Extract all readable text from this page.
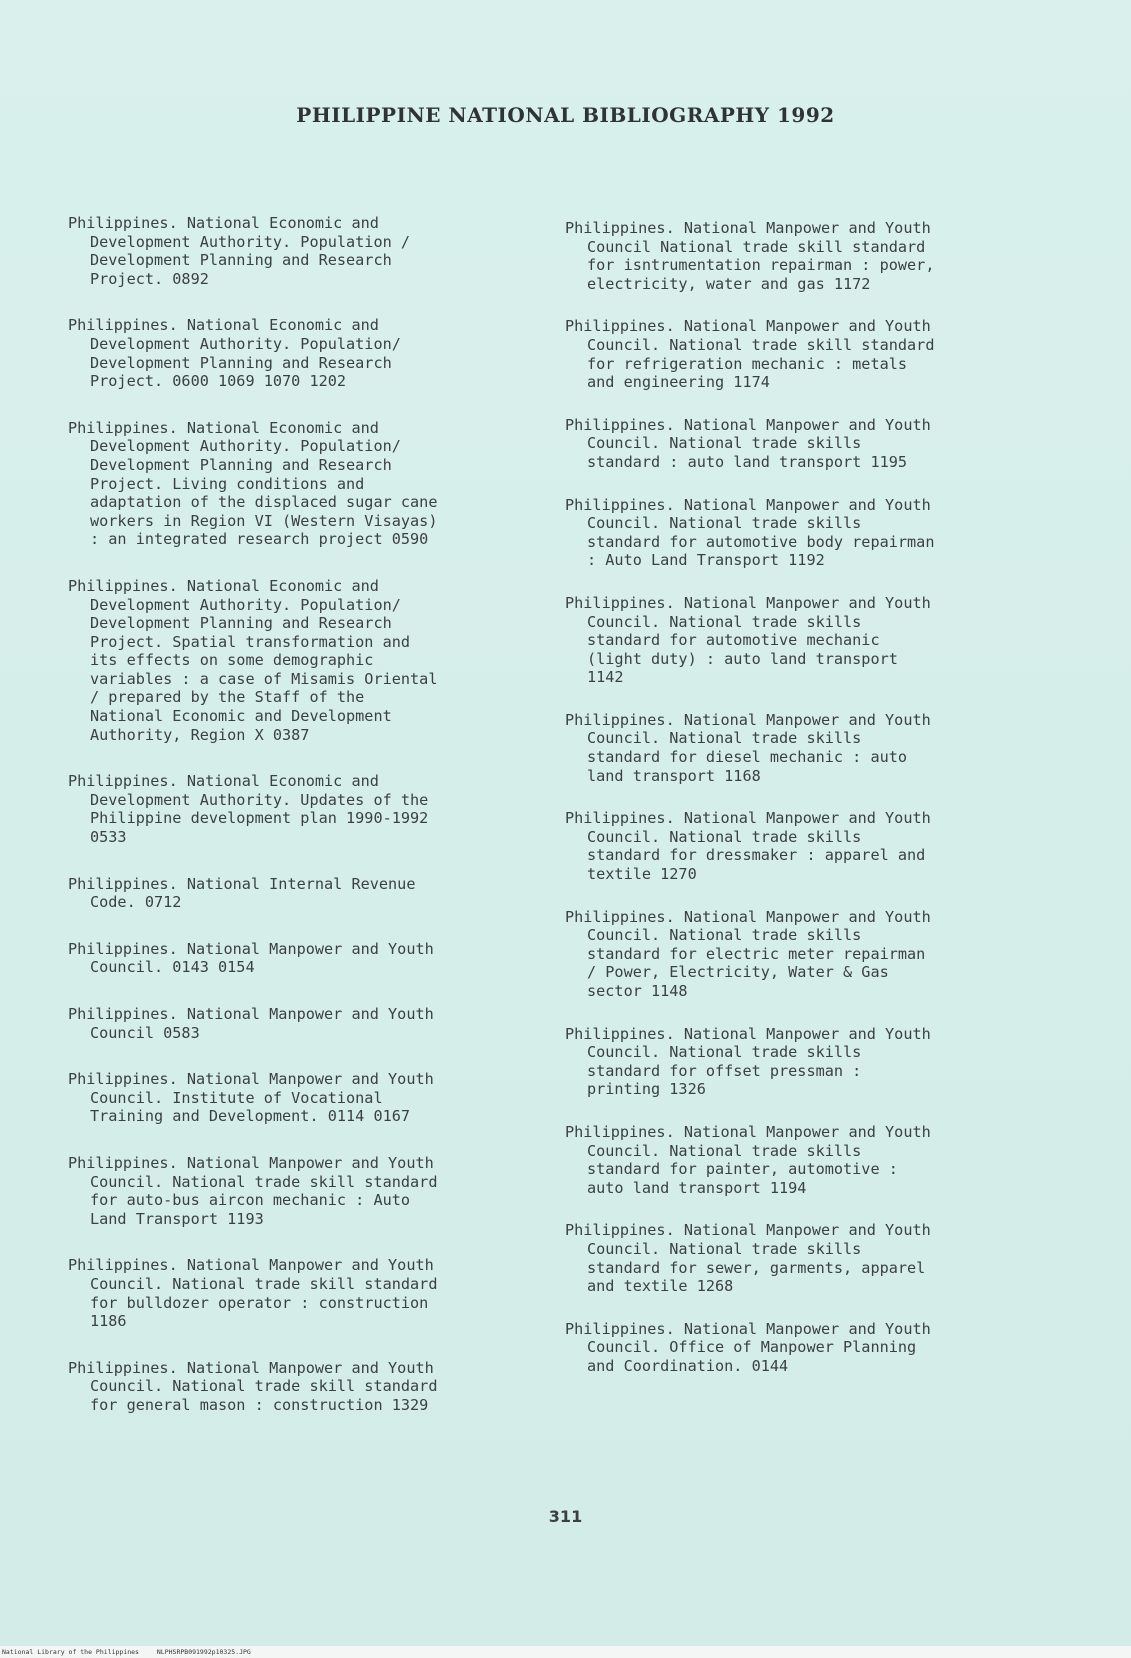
PHILIPPINE NATIONAL BIBLIOGRAPHY 1992
Philippines. National Economic and
Development Authority. Population /
Development Planning and Research
Project. 0892
Philippines. National Economic and
Development Authority. Population/
Development Planning and Research
Project. 0600 1069 1070 1202
Philippines. National Economic and
Development Authority. Population/
Development Planning and Research
Project. Living conditions and
adaptation of the displaced sugar cane
workers in Region VI (Western Visayas)
: an integrated research project 0590
Philippines. National Economic and
Development Authority. Population/
Development Planning and Research
Project. Spatial transformation and
its effects on some demographic
variables : a case of Misamis Oriental
/ prepared by the Staff of the
National Economic and Development
Authority, Region X 0387
Philippines. National Economic and
Development Authority. Updates of the
Philippine development plan 1990-1992
0533
Philippines. National Internal Revenue
Code. 0712
Philippines. National Manpower and Youth
Council. 0143 0154
Philippines. National Manpower and Youth
Council 0583
Philippines. National Manpower and Youth
Council. Institute of Vocational
Training and Development. 0114 0167
Philippines. National Manpower and Youth
Council. National trade skill standard
for auto-bus aircon mechanic : Auto
Land Transport 1193
Philippines. National Manpower and Youth
Council. National trade skill standard
for bulldozer operator : construction
1186
Philippines. National Manpower and Youth
Council. National trade skill standard
for general mason : construction 1329
Philippines. National Manpower and Youth
Council National trade skill standard
for isntrumentation repairman : power,
electricity, water and gas 1172
Philippines. National Manpower and Youth
Council. National trade skill standard
for refrigeration mechanic : metals
and engineering 1174
Philippines. National Manpower and Youth
Council. National trade skills
standard : auto land transport 1195
Philippines. National Manpower and Youth
Council. National trade skills
standard for automotive body repairman
: Auto Land Transport 1192
Philippines. National Manpower and Youth
Council. National trade skills
standard for automotive mechanic
(light duty) : auto land transport
1142
Philippines. National Manpower and Youth
Council. National trade skills
standard for diesel mechanic : auto
land transport 1168
Philippines. National Manpower and Youth
Council. National trade skills
standard for dressmaker : apparel and
textile 1270
Philippines. National Manpower and Youth
Council. National trade skills
standard for electric meter repairman
/ Power, Electricity, Water & Gas
sector 1148
Philippines. National Manpower and Youth
Council. National trade skills
standard for offset pressman :
printing 1326
Philippines. National Manpower and Youth
Council. National trade skills
standard for painter, automotive :
auto land transport 1194
Philippines. National Manpower and Youth
Council. National trade skills
standard for sewer, garments, apparel
and textile 1268
Philippines. National Manpower and Youth
Council. Office of Manpower Planning
and Coordination. 0144
311
National Library of the Philippines	NLPHSRPB091992p10325.JPG
